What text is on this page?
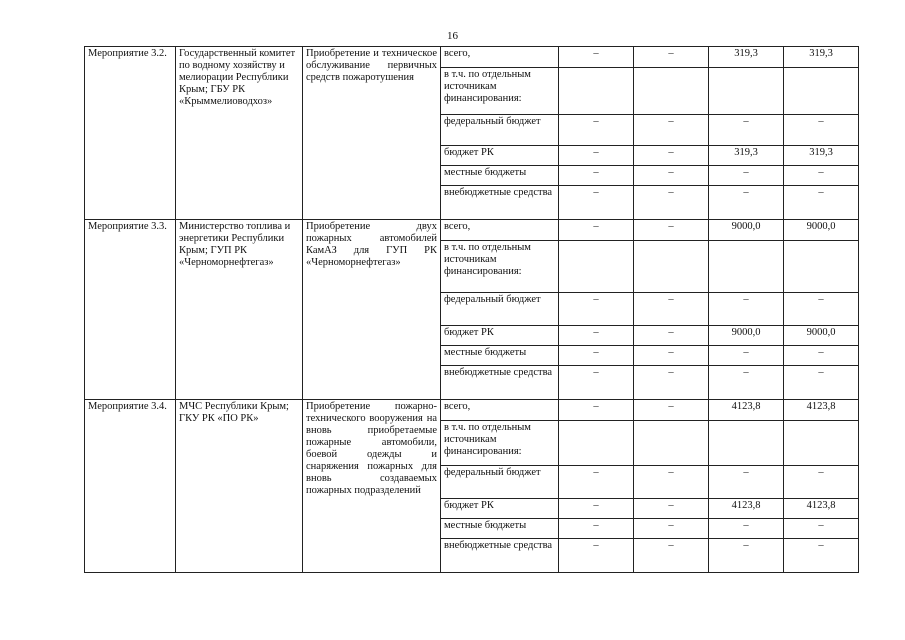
16
Мероприятие 3.2.	Государственный комитет по водному хозяйству и мелиорации Республики Крым; ГБУ РК «Крыммелиоводхоз»	Приобретение и техническое обслуживание первичных средств пожаротушения	всего,	–	–	319,3	319,3
			в т.ч. по отдельным источникам финансирования:				
			федеральный бюджет	–	–	–	–
			бюджет РК	–	–	319,3	319,3
			местные бюджеты	–	–	–	–
			внебюджетные средства	–	–	–	–
Мероприятие 3.3.	Министерство топлива и энергетики Республики Крым; ГУП РК «Черноморнефтегаз»	Приобретение двух пожарных автомобилей КамАЗ для ГУП РК «Черноморнефтегаз»	всего,	–	–	9000,0	9000,0
			в т.ч. по отдельным источникам финансирования:				
			федеральный бюджет	–	–	–	–
			бюджет РК	–	–	9000,0	9000,0
			местные бюджеты	–	–	–	–
			внебюджетные средства	–	–	–	–
Мероприятие 3.4.	МЧС Республики Крым; ГКУ РК «ПО РК»	Приобретение пожарно-технического вооружения на вновь приобретаемые пожарные автомобили, боевой одежды и снаряжения пожарных для вновь создаваемых пожарных подразделений	всего,	–	–	4123,8	4123,8
			в т.ч. по отдельным источникам финансирования:				
			федеральный бюджет	–	–	–	–
			бюджет РК	–	–	4123,8	4123,8
			местные бюджеты	–	–	–	–
			внебюджетные средства	–	–	–	–
